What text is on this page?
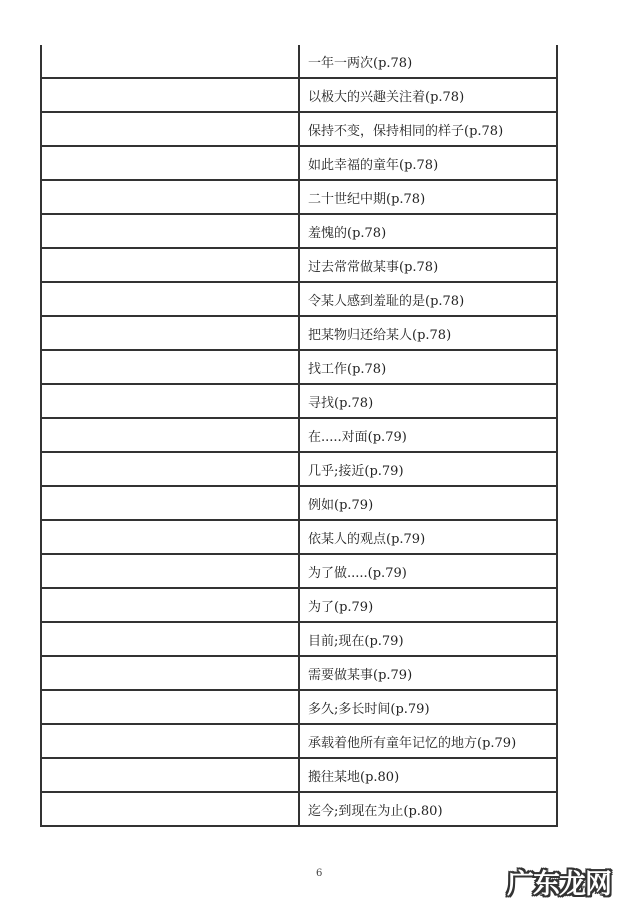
一年一两次(p.78)
以极大的兴趣关注着(p.78)
保持不变，保持相同的样子(p.78)
如此幸福的童年(p.78)
二十世纪中期(p.78)
羞愧的(p.78)
过去常常做某事(p.78)
令某人感到羞耻的是(p.78)
把某物归还给某人(p.78)
找工作(p.78)
寻找(p.78)
在.....对面(p.79)
几乎;接近(p.79)
例如(p.79)
依某人的观点(p.79)
为了做.....(p.79)
为了(p.79)
目前;现在(p.79)
需要做某事(p.79)
多久;多长时间(p.79)
承载着他所有童年记忆的地方(p.79)
搬往某地(p.80)
迄今;到现在为止(p.80)
6	广东龙网
